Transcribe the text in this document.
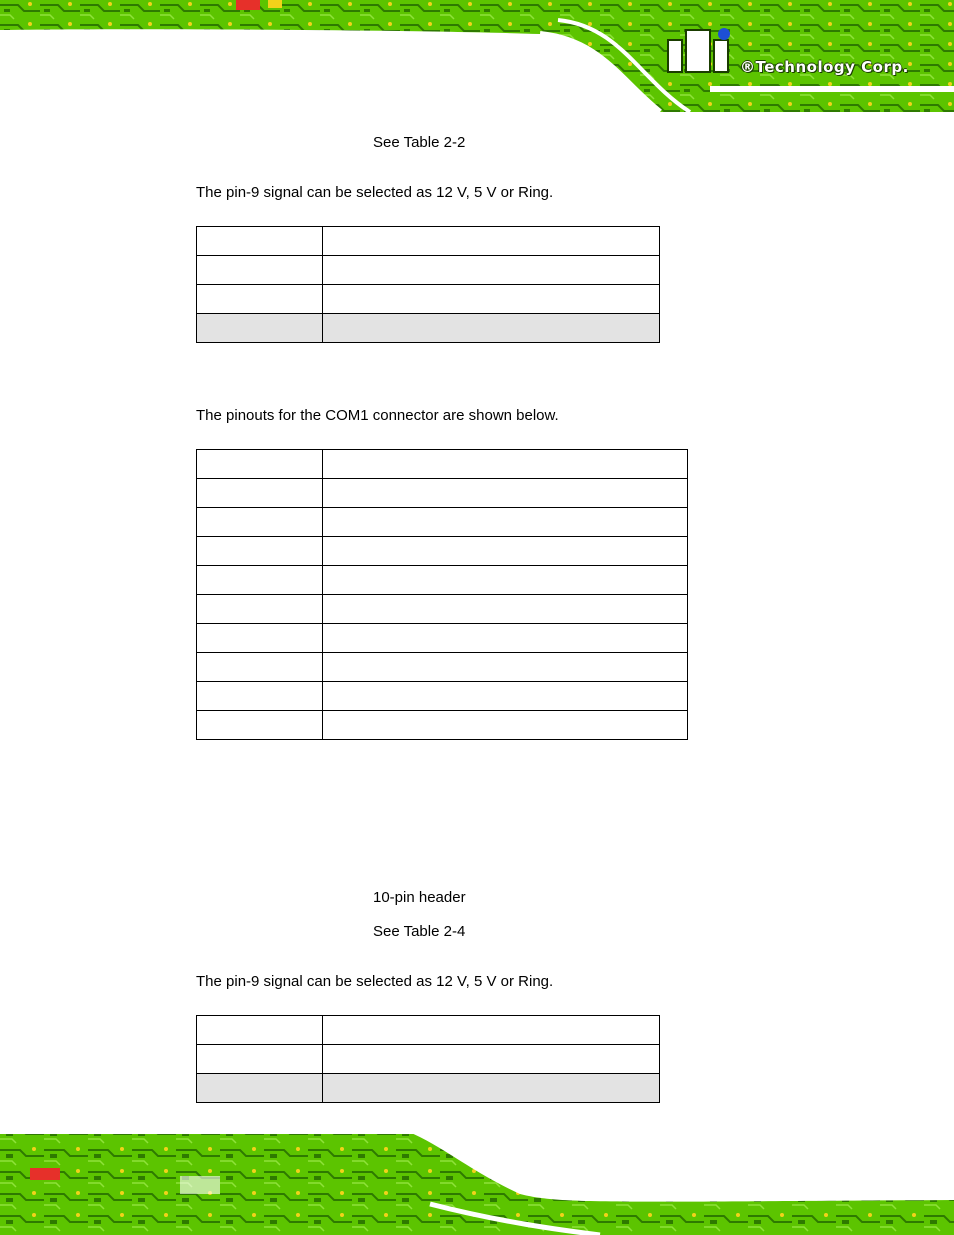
®Technology Corp.
See Table 2-2
The pin-9 signal can be selected as 12 V, 5 V or Ring.

The pinouts for the COM1 connector are shown below.

10-pin header
See Table 2-4
The pin-9 signal can be selected as 12 V, 5 V or Ring.
